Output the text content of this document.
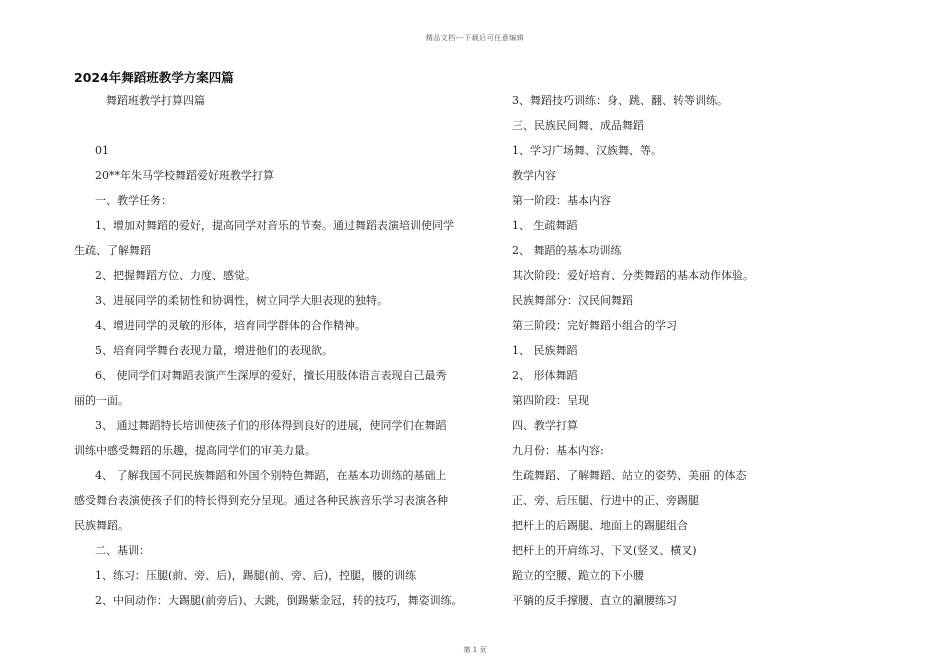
精品文档---下载后可任意编辑
2024年舞蹈班教学方案四篇

舞蹈班教学打算四篇

01

20**年朱马学校舞蹈爱好班教学打算

一、教学任务：

1、增加对舞蹈的爱好，提高同学对音乐的节奏。通过舞蹈表演培训使同学

生疏、了解舞蹈

2、把握舞蹈方位、力度、感觉。

3、进展同学的柔韧性和协调性，树立同学大胆表现的独特。

4、增进同学的灵敏的形体，培育同学群体的合作精神。

5、培育同学舞台表现力量，增进他们的表现欲。

6、 使同学们对舞蹈表演产生深厚的爱好，擅长用肢体语言表现自己最秀

丽的一面。

3、 通过舞蹈特长培训使孩子们的形体得到良好的进展，使同学们在舞蹈

训练中感受舞蹈的乐趣，提高同学们的审美力量。

4、 了解我国不同民族舞蹈和外国个别特色舞蹈，在基本功训练的基础上

感受舞台表演使孩子们的特长得到充分呈现。通过各种民族音乐学习表演各种

民族舞蹈。

二、基训：

1、练习：压腿(前、旁、后)，踢腿(前、旁、后)，控腿，腰的训练

2、中间动作：大踢腿(前旁后)、大跳，倒踢紫金冠，转的技巧，舞姿训练。

3、舞蹈技巧训练：身、跳、翻、转等训练。

三、民族民间舞、成品舞蹈

1、学习广场舞、汉族舞、等。

教学内容

第一阶段：基本内容

1、 生疏舞蹈

2、 舞蹈的基本功训练

其次阶段：爱好培育、分类舞蹈的基本动作体验。

民族舞部分：汉民间舞蹈

第三阶段：完好舞蹈小组合的学习

1、 民族舞蹈

2、 形体舞蹈

第四阶段：呈现

四、教学打算

九月份：基本内容:

生疏舞蹈、了解舞蹈、站立的姿势、美丽 的体态

正、旁、后压腿、行进中的正、旁踢腿

把杆上的后踢腿、地面上的踢腿组合

把杆上的开肩练习、下叉(竖叉、横叉)

跪立的空腰、跪立的下小腰

平躺的反手撑腰、直立的涮腰练习

第 1 页
